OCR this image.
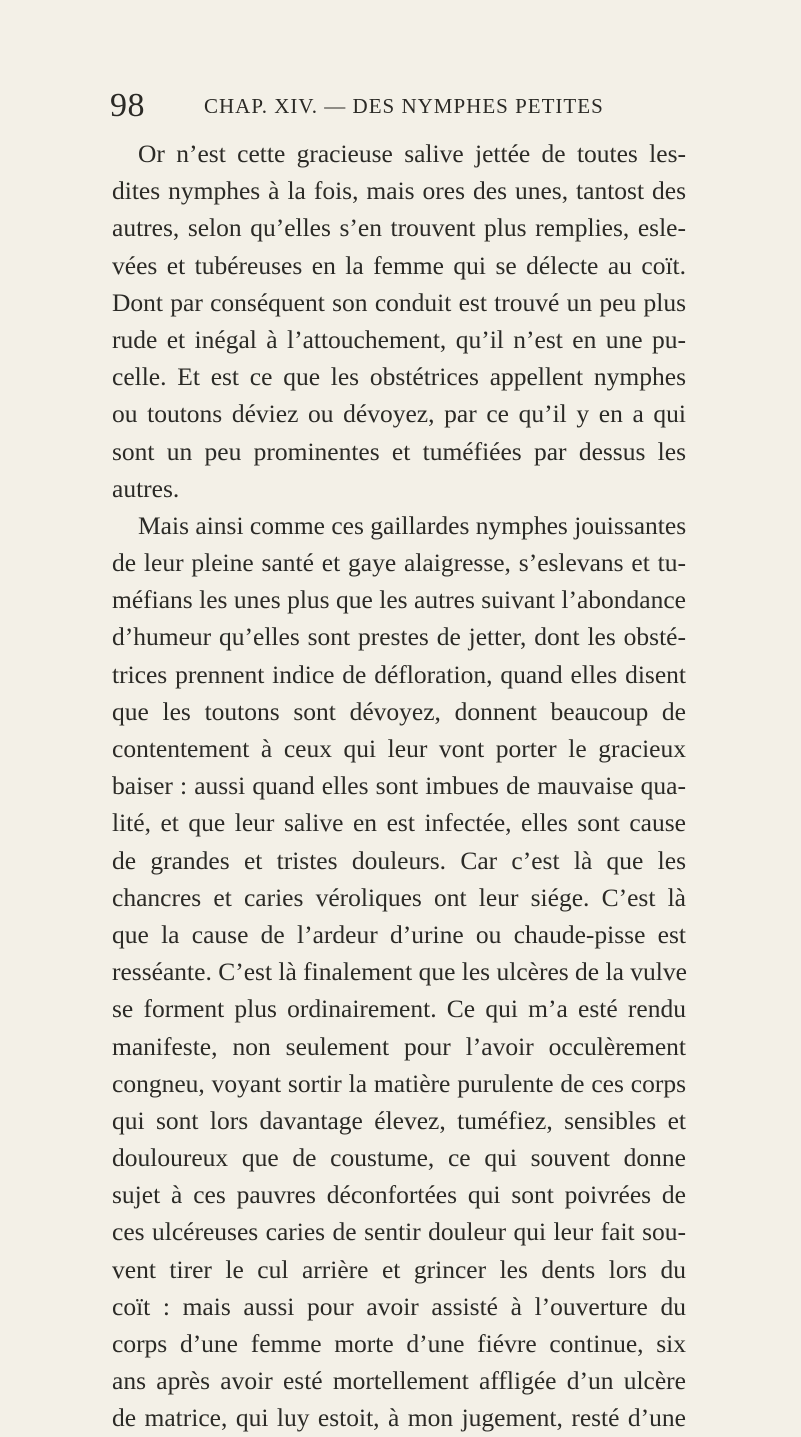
98	CHAP. XIV. — DES NYMPHES PETITES
Or n’est cette gracieuse salive jettée de toutes les-
dites nymphes à la fois, mais ores des unes, tantost des
autres, selon qu’elles s’en trouvent plus remplies, esle-
vées et tubéreuses en la femme qui se délecte au coït.
Dont par conséquent son conduit est trouvé un peu plus
rude et inégal à l’attouchement, qu’il n’est en une pu-
celle. Et est ce que les obstétrices appellent nymphes
ou toutons déviez ou dévoyez, par ce qu’il y en a qui
sont un peu prominentes et tuméfiées par dessus les
autres.
Mais ainsi comme ces gaillardes nymphes jouissantes
de leur pleine santé et gaye alaigresse, s’eslevans et tu-
méfians les unes plus que les autres suivant l’abondance
d’humeur qu’elles sont prestes de jetter, dont les obsté-
trices prennent indice de défloration, quand elles disent
que les toutons sont dévoyez, donnent beaucoup de
contentement à ceux qui leur vont porter le gracieux
baiser : aussi quand elles sont imbues de mauvaise qua-
lité, et que leur salive en est infectée, elles sont cause
de grandes et tristes douleurs. Car c’est là que les
chancres et caries véroliques ont leur siége. C’est là
que la cause de l’ardeur d’urine ou chaude-pisse est
resséante. C’est là finalement que les ulcères de la vulve
se forment plus ordinairement. Ce qui m’a esté rendu
manifeste, non seulement pour l’avoir occulèrement
congneu, voyant sortir la matière purulente de ces corps
qui sont lors davantage élevez, tuméfiez, sensibles et
douloureux que de coustume, ce qui souvent donne
sujet à ces pauvres déconfortées qui sont poivrées de
ces ulcéreuses caries de sentir douleur qui leur fait sou-
vent tirer le cul arrière et grincer les dents lors du
coït : mais aussi pour avoir assisté à l’ouverture du
corps d’une femme morte d’une fiévre continue, six
ans après avoir esté mortellement affligée d’un ulcère
de matrice, qui luy estoit, à mon jugement, resté d’une
